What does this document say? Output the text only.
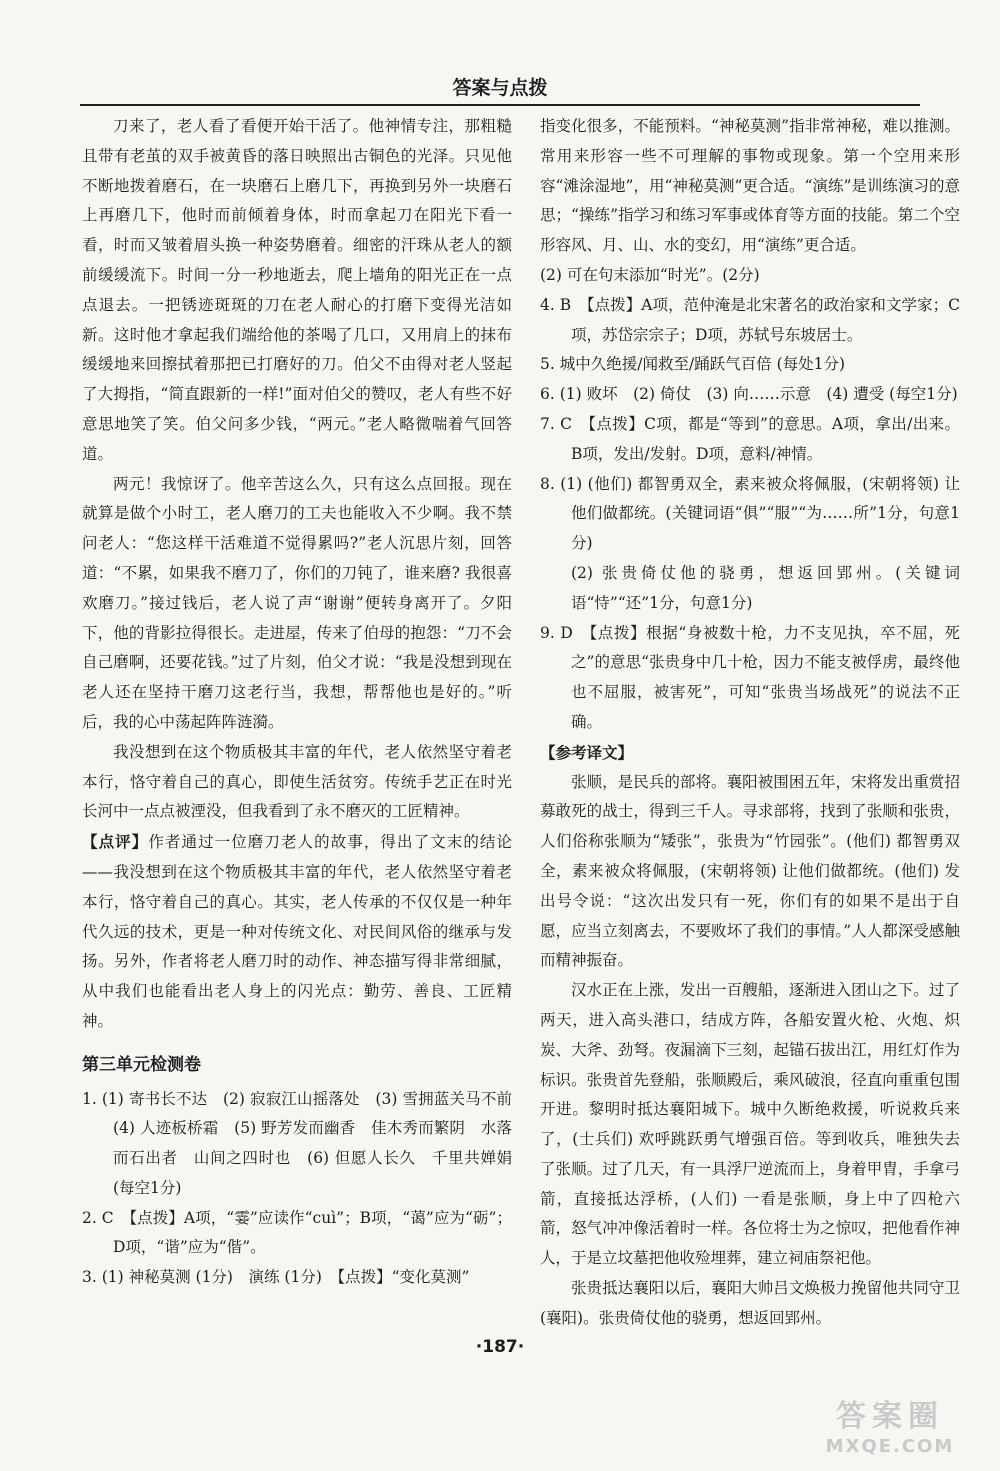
答案与点拨

刀来了，老人看了看便开始干活了。他神情专注，那粗糙且带有老茧的双手被黄昏的落日映照出古铜色的光泽。只见他不断地拨着磨石，在一块磨石上磨几下，再换到另外一块磨石上再磨几下，他时而前倾着身体，时而拿起刀在阳光下看一看，时而又皱着眉头换一种姿势磨着。细密的汗珠从老人的额前缓缓流下。时间一分一秒地逝去，爬上墙角的阳光正在一点点退去。一把锈迹斑斑的刀在老人耐心的打磨下变得光洁如新。这时他才拿起我们端给他的茶喝了几口，又用肩上的抹布缓缓地来回擦拭着那把已打磨好的刀。伯父不由得对老人竖起了大拇指，“简直跟新的一样!”面对伯父的赞叹，老人有些不好意思地笑了笑。伯父问多少钱，“两元。”老人略微喘着气回答道。

两元！我惊讶了。他辛苦这么久，只有这么点回报。现在就算是做个小时工，老人磨刀的工夫也能收入不少啊。我不禁问老人：“您这样干活难道不觉得累吗?”老人沉思片刻，回答道：“不累，如果我不磨刀了，你们的刀钝了，谁来磨? 我很喜欢磨刀。”接过钱后，老人说了声“谢谢”便转身离开了。夕阳下，他的背影拉得很长。走进屋，传来了伯母的抱怨：“刀不会自己磨啊，还要花钱。”过了片刻，伯父才说：“我是没想到现在老人还在坚持干磨刀这老行当，我想，帮帮他也是好的。”听后，我的心中荡起阵阵涟漪。

我没想到在这个物质极其丰富的年代，老人依然坚守着老本行，恪守着自己的真心，即使生活贫穷。传统手艺正在时光长河中一点点被湮没，但我看到了永不磨灭的工匠精神。

【点评】作者通过一位磨刀老人的故事，得出了文末的结论——我没想到在这个物质极其丰富的年代，老人依然坚守着老本行，恪守着自己的真心。其实，老人传承的不仅仅是一种年代久远的技术，更是一种对传统文化、对民间风俗的继承与发扬。另外，作者将老人磨刀时的动作、神态描写得非常细腻，从中我们也能看出老人身上的闪光点：勤劳、善良、工匠精神。

第三单元检测卷

1. (1) 寄书长不达　(2) 寂寂江山摇落处　(3) 雪拥蓝关马不前　(4) 人迹板桥霜　(5) 野芳发而幽香　佳木秀而繁阴　水落而石出者　山间之四时也　(6) 但愿人长久　千里共婵娟　(每空1分)

2. C　【点拨】A项，“霎”应读作“cuì”；B项，“蔼”应为“砺”；D项，“谐”应为“偕”。

3. (1) 神秘莫测 (1分)　演练 (1分)　【点拨】“变化莫测”

指变化很多，不能预料。“神秘莫测”指非常神秘，难以推测。常用来形容一些不可理解的事物或现象。第一个空用来形容“滩涂湿地”，用“神秘莫测”更合适。“演练”是训练演习的意思；“操练”指学习和练习军事或体育等方面的技能。第二个空形容风、月、山、水的变幻，用“演练”更合适。

(2) 可在句末添加“时光”。(2分)

4. B　【点拨】A项，范仲淹是北宋著名的政治家和文学家；C项，苏岱宗宗子；D项，苏轼号东坡居士。

5. 城中久绝援/闻救至/踊跃气百倍 (每处1分)

6. (1) 败坏　(2) 倚仗　(3) 向……示意　(4) 遭受 (每空1分)

7. C　【点拨】C项，都是“等到”的意思。A项，拿出/出来。B项，发出/发射。D项，意料/神情。

8. (1) (他们) 都智勇双全，素来被众将佩服，(宋朝将领) 让他们做都统。(关键词语“俱”“服”“为……所”1分，句意1分)

(2) 张贵倚仗他的骁勇，想返回郢州。(关键词语“恃”“还”1分，句意1分)

9. D　【点拨】根据“身被数十枪，力不支见执，卒不屈，死之”的意思“张贵身中几十枪，因力不能支被俘虏，最终他也不屈服，被害死”，可知“张贵当场战死”的说法不正确。

【参考译文】

张顺，是民兵的部将。襄阳被围困五年，宋将发出重赏招募敢死的战士，得到三千人。寻求部将，找到了张顺和张贵，人们俗称张顺为“矮张”，张贵为“竹园张”。(他们) 都智勇双全，素来被众将佩服，(宋朝将领) 让他们做都统。(他们) 发出号令说：“这次出发只有一死，你们有的如果不是出于自愿，应当立刻离去，不要败坏了我们的事情。”人人都深受感触而精神振奋。

汉水正在上涨，发出一百艘船，逐渐进入团山之下。过了两天，进入高头港口，结成方阵，各船安置火枪、火炮、炽炭、大斧、劲弩。夜漏滴下三刻，起锚石拔出江，用红灯作为标识。张贵首先登船，张顺殿后，乘风破浪，径直向重重包围开进。黎明时抵达襄阳城下。城中久断绝救援，听说救兵来了，(士兵们) 欢呼跳跃勇气增强百倍。等到收兵，唯独失去了张顺。过了几天，有一具浮尸逆流而上，身着甲胄，手拿弓箭，直接抵达浮桥，(人们) 一看是张顺，身上中了四枪六箭，怒气冲冲像活着时一样。各位将士为之惊叹，把他看作神人，于是立坟墓把他收殓埋葬，建立祠庙祭祀他。

张贵抵达襄阳以后，襄阳大帅吕文焕极力挽留他共同守卫(襄阳)。张贵倚仗他的骁勇，想返回郢州。

·187·
答案圈
MXQE.COM
